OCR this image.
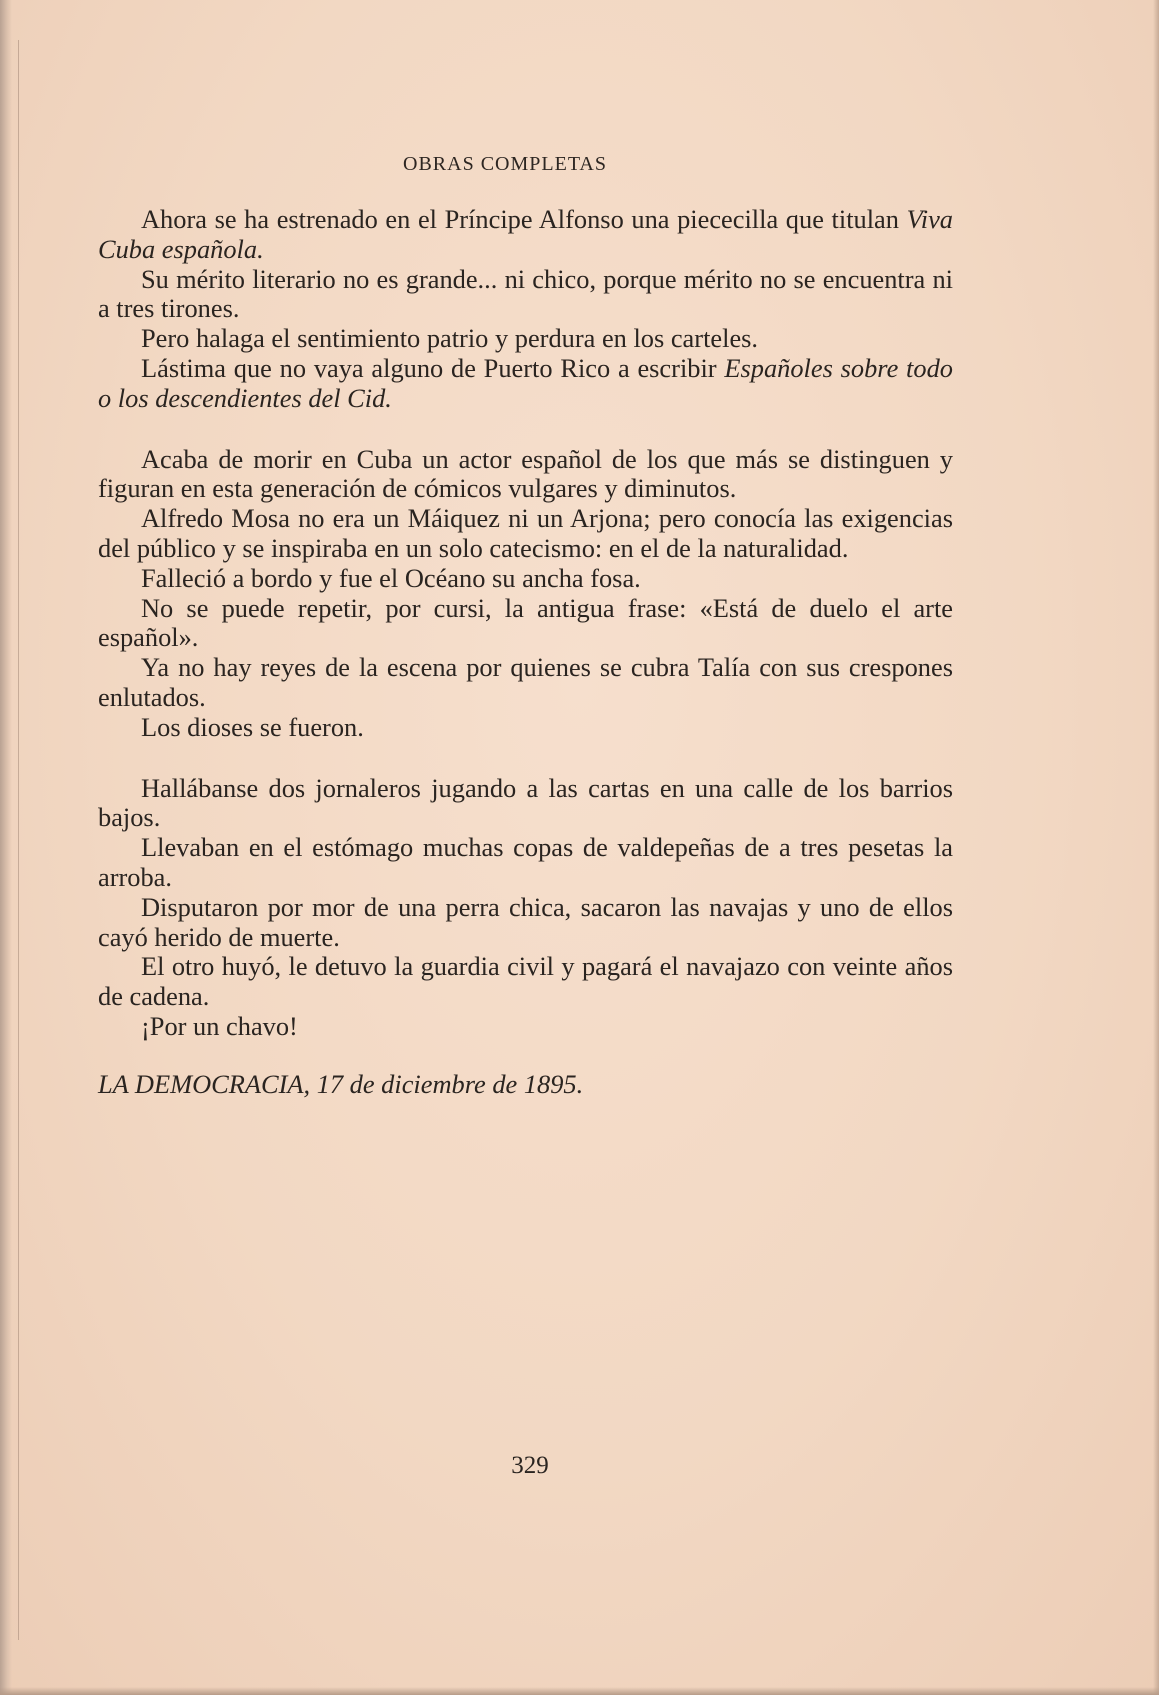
OBRAS COMPLETAS

Ahora se ha estrenado en el Príncipe Alfonso una piececilla que titulan Viva Cuba española.

Su mérito literario no es grande... ni chico, porque mérito no se encuentra ni a tres tirones.

Pero halaga el sentimiento patrio y perdura en los carteles.

Lástima que no vaya alguno de Puerto Rico a escribir Españoles sobre todo o los descendientes del Cid.

Acaba de morir en Cuba un actor español de los que más se distinguen y figuran en esta generación de cómicos vulgares y diminutos.

Alfredo Mosa no era un Máiquez ni un Arjona; pero conocía las exigencias del público y se inspiraba en un solo catecismo: en el de la naturalidad.

Falleció a bordo y fue el Océano su ancha fosa.

No se puede repetir, por cursi, la antigua frase: «Está de duelo el arte español».

Ya no hay reyes de la escena por quienes se cubra Talía con sus crespones enlutados.

Los dioses se fueron.

Hallábanse dos jornaleros jugando a las cartas en una calle de los barrios bajos.

Llevaban en el estómago muchas copas de valdepeñas de a tres pesetas la arroba.

Disputaron por mor de una perra chica, sacaron las navajas y uno de ellos cayó herido de muerte.

El otro huyó, le detuvo la guardia civil y pagará el navajazo con veinte años de cadena.

¡Por un chavo!

LA DEMOCRACIA, 17 de diciembre de 1895.

329
